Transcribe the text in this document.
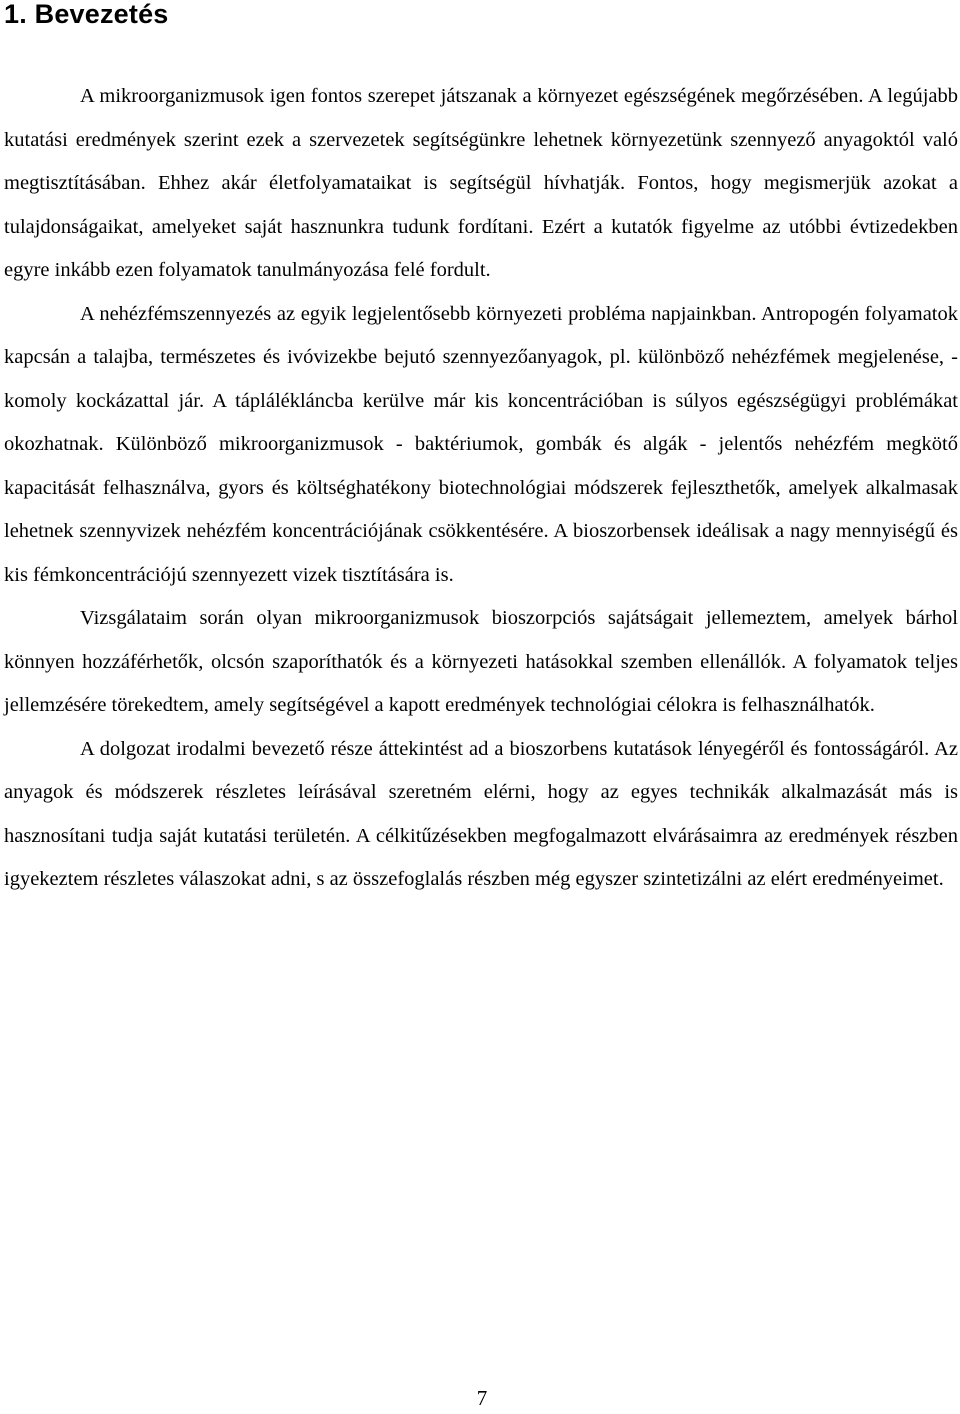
1. Bevezetés

A mikroorganizmusok igen fontos szerepet játszanak a környezet egészségének megőrzésében. A legújabb kutatási eredmények szerint ezek a szervezetek segítségünkre lehetnek környezetünk szennyező anyagoktól való megtisztításában. Ehhez akár életfolyamataikat is segítségül hívhatják. Fontos, hogy megismerjük azokat a tulajdonságaikat, amelyeket saját hasznunkra tudunk fordítani. Ezért a kutatók figyelme az utóbbi évtizedekben egyre inkább ezen folyamatok tanulmányozása felé fordult.

A nehézfémszennyezés az egyik legjelentősebb környezeti probléma napjainkban. Antropogén folyamatok kapcsán a talajba, természetes és ivóvizekbe bejutó szennyezőanyagok, pl. különböző nehézfémek megjelenése, - komoly kockázattal jár. A táplálékláncba kerülve már kis koncentrációban is súlyos egészségügyi problémákat okozhatnak. Különböző mikroorganizmusok - baktériumok, gombák és algák - jelentős nehézfém megkötő kapacitását felhasználva, gyors és költséghatékony biotechnológiai módszerek fejleszthetők, amelyek alkalmasak lehetnek szennyvizek nehézfém koncentrációjának csökkentésére. A bioszorbensek ideálisak a nagy mennyiségű és kis fémkoncentrációjú szennyezett vizek tisztítására is.

Vizsgálataim során olyan mikroorganizmusok bioszorpciós sajátságait jellemeztem, amelyek bárhol könnyen hozzáférhetők, olcsón szaporíthatók és a környezeti hatásokkal szemben ellenállók. A folyamatok teljes jellemzésére törekedtem, amely segítségével a kapott eredmények technológiai célokra is felhasználhatók.

A dolgozat irodalmi bevezető része áttekintést ad a bioszorbens kutatások lényegéről és fontosságáról. Az anyagok és módszerek részletes leírásával szeretném elérni, hogy az egyes technikák alkalmazását más is hasznosítani tudja saját kutatási területén. A célkitűzésekben megfogalmazott elvárásaimra az eredmények részben igyekeztem részletes válaszokat adni, s az összefoglalás részben még egyszer szintetizálni az elért eredményeimet.

7
